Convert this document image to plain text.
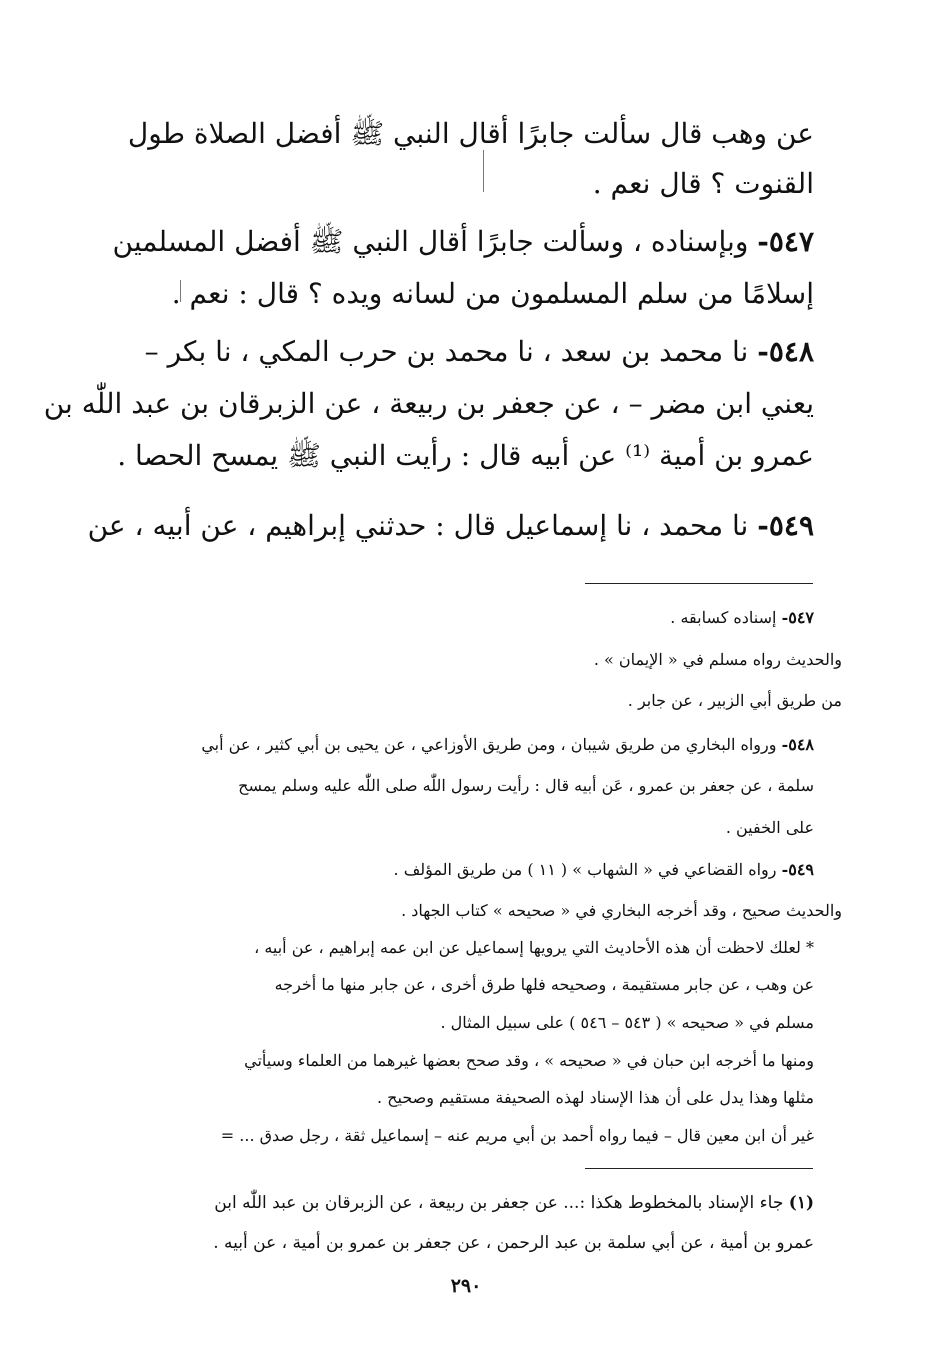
عن وهب قال سألت جابرًا أقال النبي ﷺ أفضل الصلاة طول
القنوت ؟ قال نعم .
٥٤٧- وبإسناده ، وسألت جابرًا أقال النبي ﷺ أفضل المسلمين
إسلامًا من سلم المسلمون من لسانه ويده ؟ قال : نعم .
٥٤٨- نا محمد بن سعد ، نا محمد بن حرب المكي ، نا بكر –
يعني ابن مضر – ، عن جعفر بن ربيعة ، عن الزبرقان بن عبد اللّٰه بن
عمرو بن أمية ⁽¹⁾ عن أبيه قال : رأيت النبي ﷺ يمسح الحصا .
٥٤٩- نا محمد ، نا إسماعيل قال : حدثني إبراهيم ، عن أبيه ، عن
٥٤٧- إسناده كسابقه .
والحديث رواه مسلم في « الإيمان » .
من طريق أبي الزبير ، عن جابر .
٥٤٨- ورواه البخاري من طريق شيبان ، ومن طريق الأوزاعي ، عن يحيى بن أبي كثير ، عن أبي
سلمة ، عن جعفر بن عمرو ، عَن أبيه قال : رأيت رسول اللّٰه صلى اللّٰه عليه وسلم يمسح
على الخفين .
٥٤٩- رواه القضاعي في « الشهاب » ( ١١ ) من طريق المؤلف .
والحديث صحيح ، وقد أخرجه البخاري في « صحيحه » كتاب الجهاد .
* لعلك لاحظت أن هذه الأحاديث التي يرويها إسماعيل عن ابن عمه إبراهيم ، عن أبيه ،
عن وهب ، عن جابر مستقيمة ، وصحيحه فلها طرق أخرى ، عن جابر منها ما أخرجه
مسلم في « صحيحه » ( ٥٤٣ – ٥٤٦ ) على سبيل المثال .
ومنها ما أخرجه ابن حبان في « صحيحه » ، وقد صحح بعضها غيرهما من العلماء وسيأتي
مثلها وهذا يدل على أن هذا الإسناد لهذه الصحيفة مستقيم وصحيح .
غير أن ابن معين قال – فيما رواه أحمد بن أبي مريم عنه – إسماعيل ثقة ، رجل صدق ... =
(١) جاء الإسناد بالمخطوط هكذا :... عن جعفر بن ربيعة ، عن الزبرقان بن عبد اللّٰه ابن
عمرو بن أمية ، عن أبي سلمة بن عبد الرحمن ، عن جعفر بن عمرو بن أمية ، عن أبيه .
٢٩٠
